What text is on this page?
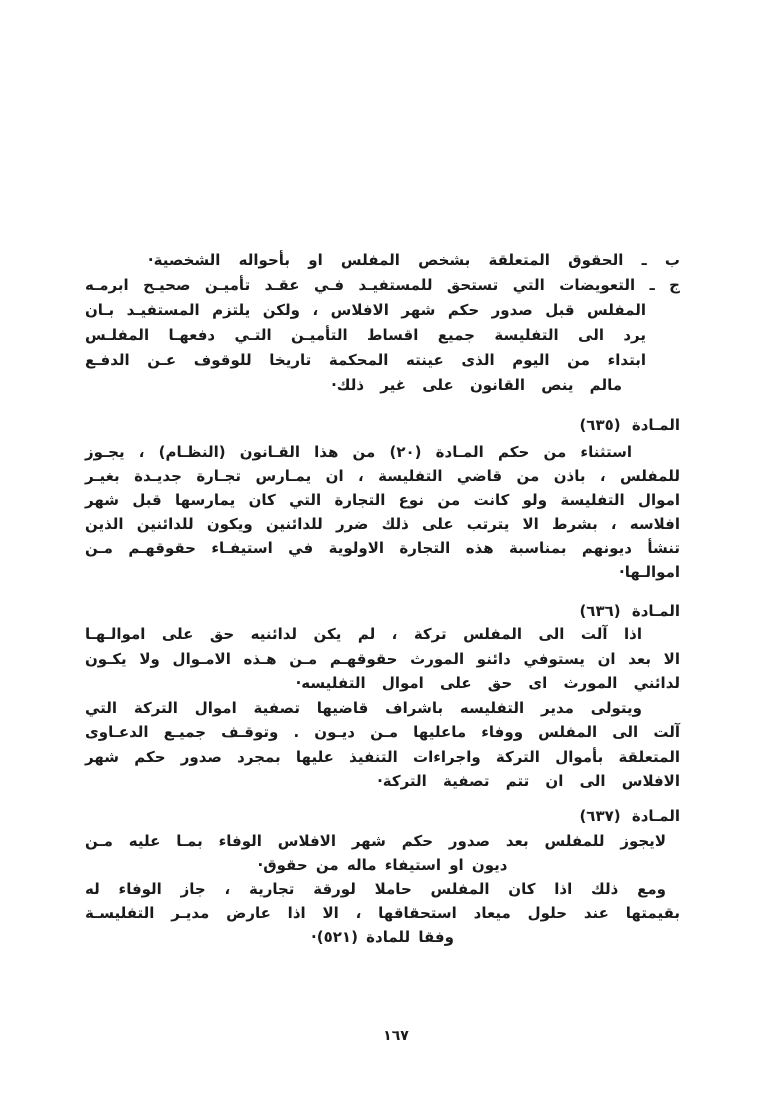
ب ـ الحقوق المتعلقة بشخص المفلس او بأحواله الشخصية·
ج ـ التعويضات التي تستحق للمستفيـد فـي عقـد تأميـن صحيـح ابرمـه
المفلس قبل صدور حكم شهر الافلاس ، ولكن يلتزم المستفيـد بـان
يرد الى التفليسة جميع اقساط التأميـن التـي دفعهـا المفلـس
ابتداء من اليوم الذى عينته المحكمة تاريخا للوقوف عـن الدفـع
مالم ينص القانون على غير ذلك·
المـادة (٦٣٥)
استثناء من حكم المـادة (٢٠) من هذا القـانون (النظـام) ، يجـوز
للمفلس ، باذن من قاضي التفليسة ، ان يمـارس تجـارة جديـدة بغيـر
اموال التفليسة ولو كانت من نوع التجارة التي كان يمارسها قبل شهر
افلاسه ، بشرط الا يترتب على ذلك ضرر للدائنين ويكون للدائنين الذين
تنشأ ديونهم بمناسبة هذه التجارة الاولوية في استيفـاء حقوقهـم مـن
اموالـها·
المـادة (٦٣٦)
اذا آلت الى المفلس تركة ، لم يكن لدائنيه حق على اموالـهـا
الا بعد ان يستوفي دائنو المورث حقوقهـم مـن هـذه الامـوال ولا يكـون
لدائني المورث اى حق على اموال التفليسه·
ويتولى مدير التفليسه باشراف قاضيها تصفية اموال التركة التي
آلت الى المفلس ووفاء ماعليها مـن ديـون . وتوقـف جميـع الدعـاوى
المتعلقة بأموال التركة واجراءات التنفيذ عليها بمجرد صدور حكم شهر
الافلاس الى ان تتم تصفية التركة·
المـادة (٦٣٧)
لايجوز للمفلس بعد صدور حكم شهر الافلاس الوفاء بمـا عليه مـن
ديون او استيفاء ماله من حقوق·
ومع ذلك اذا كان المفلس حاملا لورقة تجارية ، جاز الوفاء له
بقيمتها عند حلول ميعاد استحقاقها ، الا اذا عارض مديـر التفليسـة
وفقا للمادة (٥٢١)·
١٦٧
